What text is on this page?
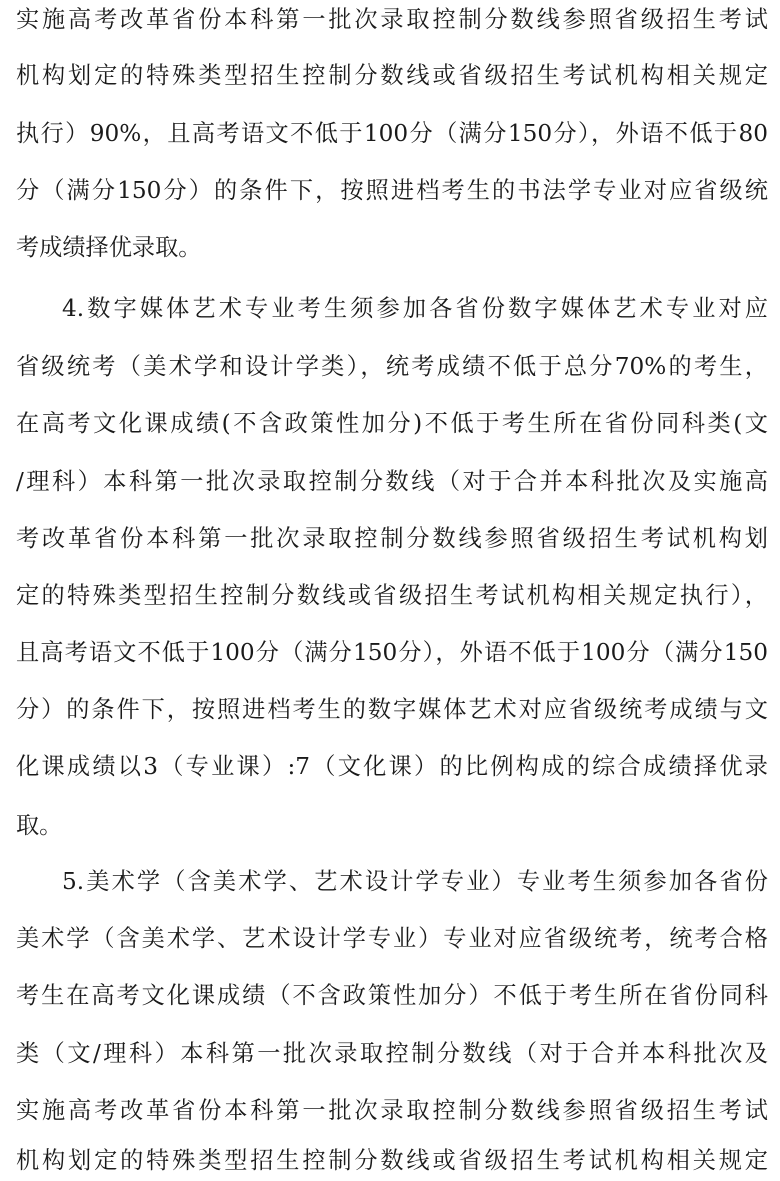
实施高考改革省份本科第一批次录取控制分数线参照省级招生考试
机构划定的特殊类型招生控制分数线或省级招生考试机构相关规定
执行）90%，且高考语文不低于100分（满分150分），外语不低于80
分（满分150分）的条件下，按照进档考生的书法学专业对应省级统
考成绩择优录取。
4.数字媒体艺术专业考生须参加各省份数字媒体艺术专业对应
省级统考（美术学和设计学类），统考成绩不低于总分70%的考生，
在高考文化课成绩(不含政策性加分)不低于考生所在省份同科类(文
/理科）本科第一批次录取控制分数线（对于合并本科批次及实施高
考改革省份本科第一批次录取控制分数线参照省级招生考试机构划
定的特殊类型招生控制分数线或省级招生考试机构相关规定执行），
且高考语文不低于100分（满分150分），外语不低于100分（满分150
分）的条件下，按照进档考生的数字媒体艺术对应省级统考成绩与文
化课成绩以3（专业课）:7（文化课）的比例构成的综合成绩择优录
取。
5.美术学（含美术学、艺术设计学专业）专业考生须参加各省份
美术学（含美术学、艺术设计学专业）专业对应省级统考，统考合格
考生在高考文化课成绩（不含政策性加分）不低于考生所在省份同科
类（文/理科）本科第一批次录取控制分数线（对于合并本科批次及
实施高考改革省份本科第一批次录取控制分数线参照省级招生考试
机构划定的特殊类型招生控制分数线或省级招生考试机构相关规定
